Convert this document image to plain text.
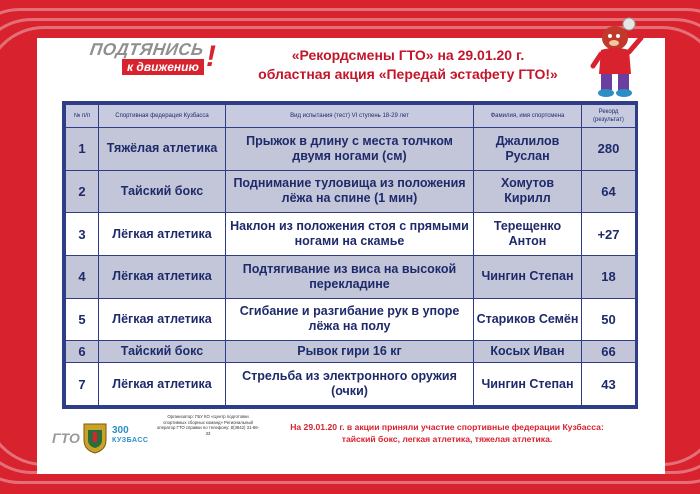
ПОДТЯНИСЬ
к движению !	«Рекордсмены ГТО» на 29.01.20 г.
областная акция «Передай эстафету ГТО!»
№ п/п	Спортивная федерация Кузбасса	Вид испытания (тест) VI ступень 18-29 лет	Фамилия, имя спортсмена	Рекорд (результат)
1	Тяжёлая атлетика	Прыжок в длину с места толчком двумя ногами (см)	Джалилов Руслан	280
2	Тайский бокс	Поднимание туловища из положения лёжа на спине (1 мин)	Хомутов Кирилл	64
3	Лёгкая атлетика	Наклон из положения стоя с прямыми ногами на скамье	Терещенко Антон	+27
4	Лёгкая атлетика	Подтягивание из виса на высокой перекладине	Чингин Степан	18
5	Лёгкая атлетика	Сгибание и разгибание рук в упоре лёжа на полу	Стариков Семён	50
6	Тайский бокс	Рывок гири 16 кг	Косых Иван	66
7	Лёгкая атлетика	Стрельба из электронного оружия (очки)	Чингин Степан	43
ГТО	300
КУЗБАСС
Организатор: ГБУ КО «Центр подготовки спортивных сборных команд» Региональный оператор ГТО справки по телефону: 8(3842) 31-86-33
На 29.01.20 г. в акции приняли участие спортивные федерации Кузбасса:
тайский бокс, легкая атлетика, тяжелая атлетика.
